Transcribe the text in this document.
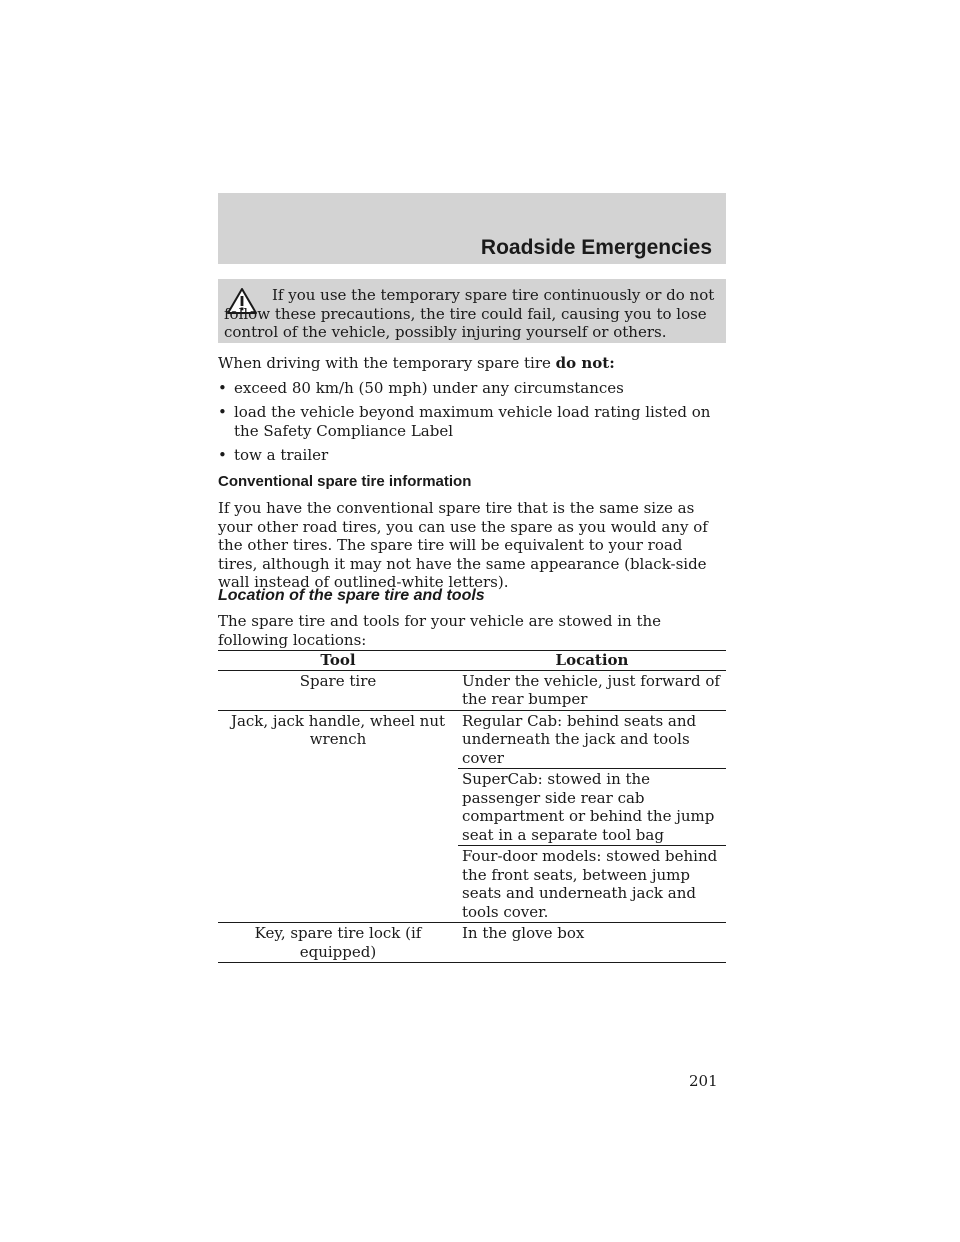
Roadside Emergencies
If you use the temporary spare tire continuously or do not follow these precautions, the tire could fail, causing you to lose control of the vehicle, possibly injuring yourself or others.
When driving with the temporary spare tire do not:
• exceed 80 km/h (50 mph) under any circumstances
• load the vehicle beyond maximum vehicle load rating listed on the Safety Compliance Label
• tow a trailer
Conventional spare tire information
If you have the conventional spare tire that is the same size as your other road tires, you can use the spare as you would any of the other tires. The spare tire will be equivalent to your road tires, although it may not have the same appearance (black-side wall instead of outlined-white letters).
Location of the spare tire and tools
The spare tire and tools for your vehicle are stowed in the following locations:
Tool	Location
Spare tire	Under the vehicle, just forward of the rear bumper
Jack, jack handle, wheel nut wrench	Regular Cab: behind seats and underneath the jack and tools cover
	SuperCab: stowed in the passenger side rear cab compartment or behind the jump seat in a separate tool bag
	Four-door models: stowed behind the front seats, between jump seats and underneath jack and tools cover.
Key, spare tire lock (if equipped)	In the glove box
201
